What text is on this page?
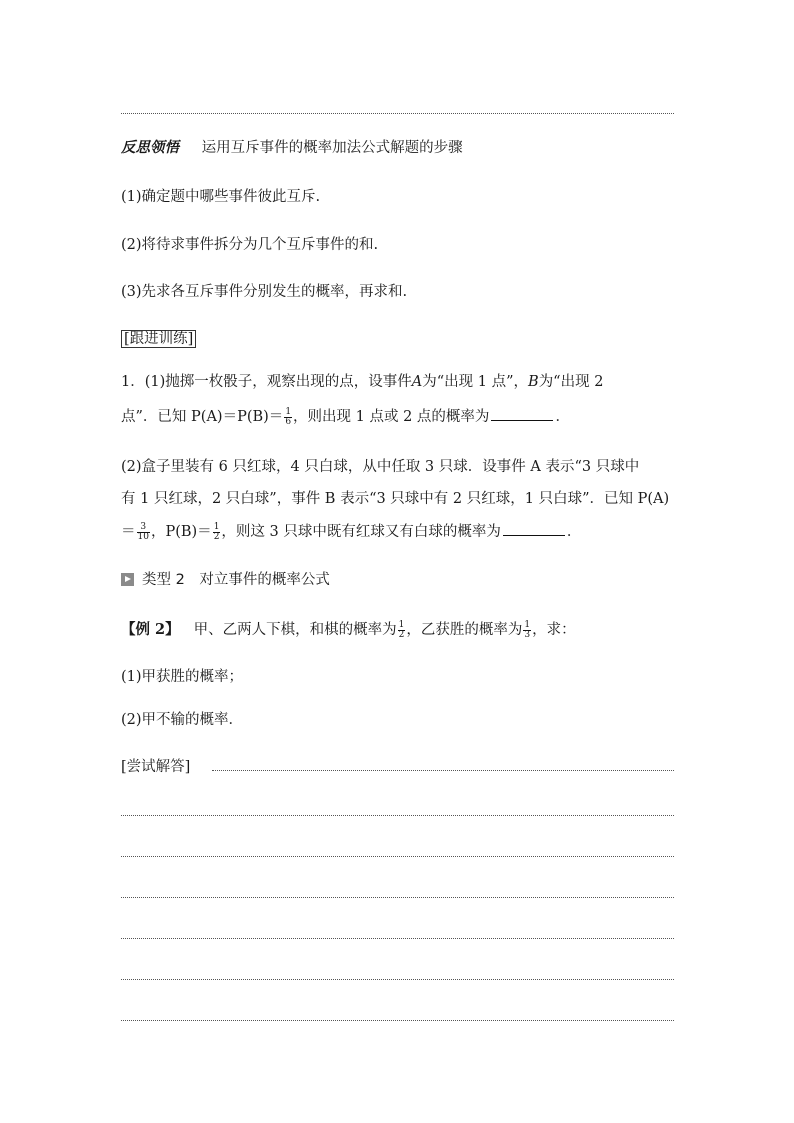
反思领悟 运用互斥事件的概率加法公式解题的步骤
(1)确定题中哪些事件彼此互斥.
(2)将待求事件拆分为几个互斥事件的和.
(3)先求各互斥事件分别发生的概率，再求和.
[跟进训练]
1．(1)抛掷一枚骰子，观察出现的点，设事件A为“出现 1 点”，B为“出现 2
点”．已知 $P(A)=P(B)= \frac{1}{6}$ ，则出现 1 点或 2 点的概率为	．
(2)盒子里装有 6 只红球，4 只白球，从中任取 3 只球．设事件 A 表示“3 只球中
有 1 只红球，2 只白球”，事件 B 表示“3 只球中有 2 只红球，1 只白球”．已知 P(A)
＝ $\frac{3}{10}$ ，$P(B)= \frac{1}{2}$ ，则这 3 只球中既有红球又有白球的概率为	．
类型 2　对立事件的概率公式
【例 2】 甲、乙两人下棋，和棋的概率为 $\frac{1}{2}$ ，乙获胜的概率为 $\frac{1}{3}$ ，求：
(1)甲获胜的概率；
(2)甲不输的概率．
[尝试解答]
